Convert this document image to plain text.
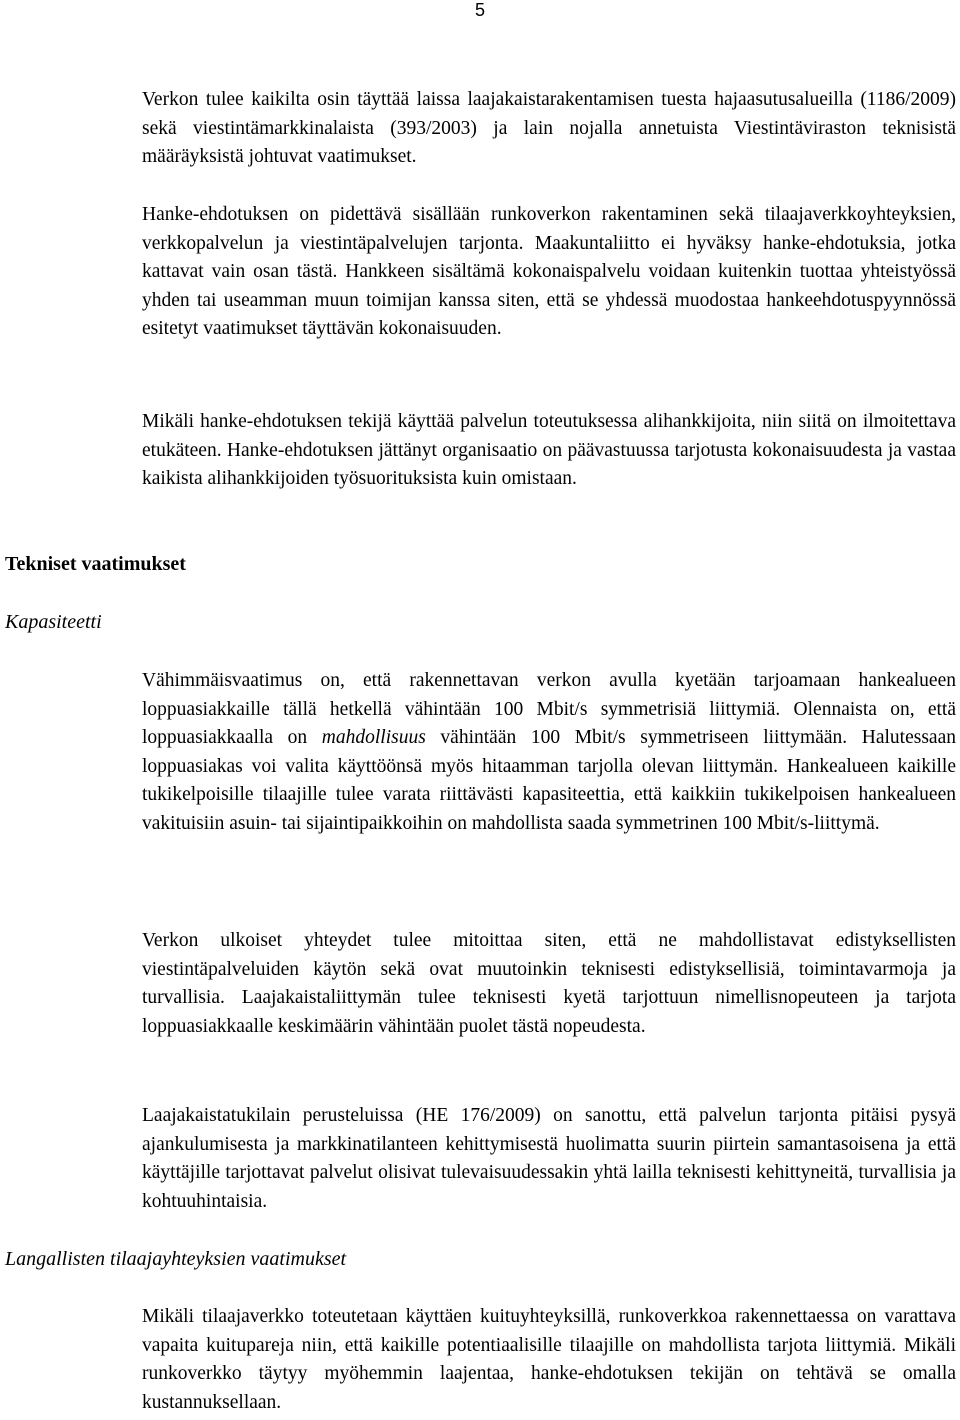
5

Verkon tulee kaikilta osin täyttää laissa laajakaistarakentamisen tuesta hajaasutusalueilla (1186/2009) sekä viestintämarkkinalaista (393/2003) ja lain nojalla annetuista Viestintäviraston teknisistä määräyksistä johtuvat vaatimukset.

Hanke-ehdotuksen on pidettävä sisällään runkoverkon rakentaminen sekä tilaajaverkkoyhteyksien, verkkopalvelun ja viestintäpalvelujen tarjonta. Maakuntaliitto ei hyväksy hanke-ehdotuksia, jotka kattavat vain osan tästä. Hankkeen sisältämä kokonaispalvelu voidaan kuitenkin tuottaa yhteistyössä yhden tai useamman muun toimijan kanssa siten, että se yhdessä muodostaa hankeehdotuspyynnössä esitetyt vaatimukset täyttävän kokonaisuuden.

Mikäli hanke-ehdotuksen tekijä käyttää palvelun toteutuksessa alihankkijoita, niin siitä on ilmoitettava etukäteen. Hanke-ehdotuksen jättänyt organisaatio on päävastuussa tarjotusta kokonaisuudesta ja vastaa kaikista alihankkijoiden työsuorituksista kuin omistaan.

Tekniset vaatimukset
Kapasiteetti

Vähimmäisvaatimus on, että rakennettavan verkon avulla kyetään tarjoamaan hankealueen loppuasiakkaille tällä hetkellä vähintään 100 Mbit/s symmetrisiä liittymiä. Olennaista on, että loppuasiakkaalla on mahdollisuus vähintään 100 Mbit/s symmetriseen liittymään. Halutessaan loppuasiakas voi valita käyttöönsä myös hitaamman tarjolla olevan liittymän. Hankealueen kaikille tukikelpoisille tilaajille tulee varata riittävästi kapasiteettia, että kaikkiin tukikelpoisen hankealueen vakituisiin asuin- tai sijaintipaikkoihin on mahdollista saada symmetrinen 100 Mbit/s-liittymä.

Verkon ulkoiset yhteydet tulee mitoittaa siten, että ne mahdollistavat edistyksellisten viestintäpalveluiden käytön sekä ovat muutoinkin teknisesti edistyksellisiä, toimintavarmoja ja turvallisia. Laajakaistaliittymän tulee teknisesti kyetä tarjottuun nimellisnopeuteen ja tarjota loppuasiakkaalle keskimäärin vähintään puolet tästä nopeudesta.

Laajakaistatukilain perusteluissa (HE 176/2009) on sanottu, että palvelun tarjonta pitäisi pysyä ajankulumisesta ja markkinatilanteen kehittymisestä huolimatta suurin piirtein samantasoisena ja että käyttäjille tarjottavat palvelut olisivat tulevaisuudessakin yhtä lailla teknisesti kehittyneitä, turvallisia ja kohtuuhintaisia.

Langallisten tilaajayhteyksien vaatimukset

Mikäli tilaajaverkko toteutetaan käyttäen kuituyhteyksillä, runkoverkkoa rakennettaessa on varattava vapaita kuitupareja niin, että kaikille potentiaalisille tilaajille on mahdollista tarjota liittymiä. Mikäli runkoverkko täytyy myöhemmin laajentaa, hanke-ehdotuksen tekijän on tehtävä se omalla kustannuksellaan.
